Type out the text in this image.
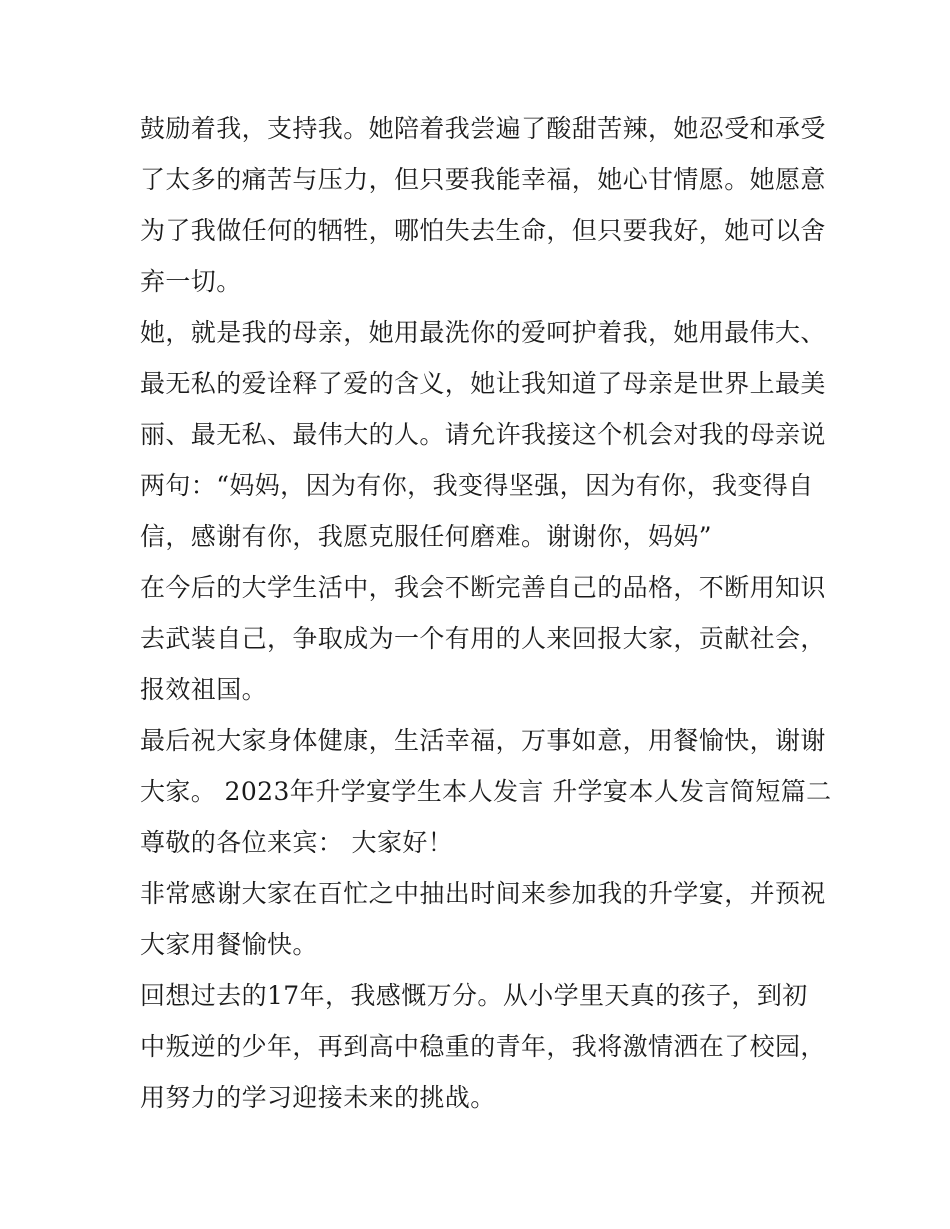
鼓励着我，支持我。她陪着我尝遍了酸甜苦辣，她忍受和承受
了太多的痛苦与压力，但只要我能幸福，她心甘情愿。她愿意
为了我做任何的牺牲，哪怕失去生命，但只要我好，她可以舍
弃一切。
她，就是我的母亲，她用最洗你的爱呵护着我，她用最伟大、
最无私的爱诠释了爱的含义，她让我知道了母亲是世界上最美
丽、最无私、最伟大的人。请允许我接这个机会对我的母亲说
两句：“妈妈，因为有你，我变得坚强，因为有你，我变得自
信，感谢有你，我愿克服任何磨难。谢谢你，妈妈”
在今后的大学生活中，我会不断完善自己的品格，不断用知识
去武装自己，争取成为一个有用的人来回报大家，贡献社会，
报效祖国。
最后祝大家身体健康，生活幸福，万事如意，用餐愉快，谢谢
大家。 2023年升学宴学生本人发言 升学宴本人发言简短篇二
尊敬的各位来宾： 大家好！
非常感谢大家在百忙之中抽出时间来参加我的升学宴，并预祝
大家用餐愉快。
回想过去的17年，我感慨万分。从小学里天真的孩子，到初
中叛逆的少年，再到高中稳重的青年，我将激情洒在了校园，
用努力的学习迎接未来的挑战。
